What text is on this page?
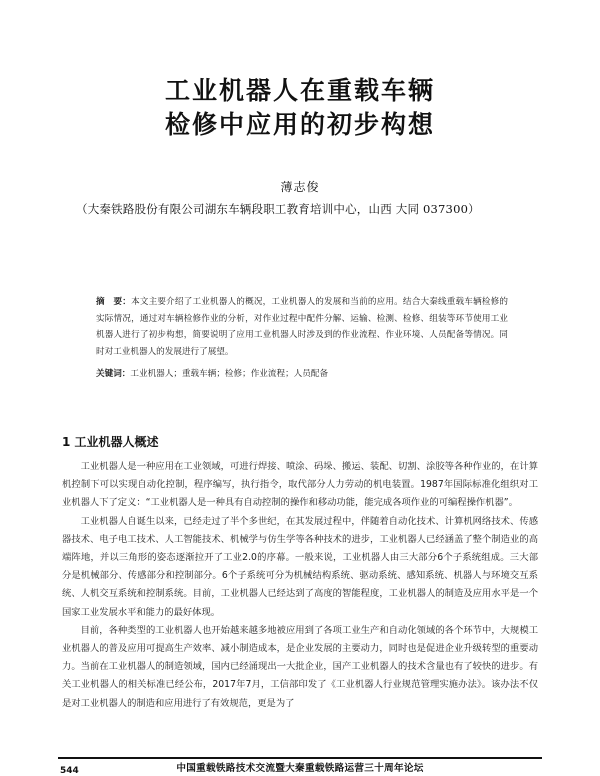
工业机器人在重载车辆
检修中应用的初步构想
薄志俊
（大秦铁路股份有限公司湖东车辆段职工教育培训中心，山西 大同 037300）
摘　要：本文主要介绍了工业机器人的概况，工业机器人的发展和当前的应用。结合大秦线重载车辆检修的实际情况，通过对车辆检修作业的分析，对作业过程中配件分解、运输、检测、检修、组装等环节使用工业机器人进行了初步构想，简要说明了应用工业机器人时涉及到的作业流程、作业环境、人员配备等情况。同时对工业机器人的发展进行了展望。
关键词：工业机器人；重载车辆；检修；作业流程；人员配备
1 工业机器人概述

工业机器人是一种应用在工业领域，可进行焊接、喷涂、码垛、搬运、装配、切割、涂胶等各种作业的，在计算机控制下可以实现自动化控制，程序编写，执行指令，取代部分人力劳动的机电装置。1987年国际标准化组织对工业机器人下了定义：“工业机器人是一种具有自动控制的操作和移动功能，能完成各项作业的可编程操作机器”。

工业机器人自诞生以来，已经走过了半个多世纪，在其发展过程中，伴随着自动化技术、计算机网络技术、传感器技术、电子电工技术、人工智能技术、机械学与仿生学等各种技术的进步，工业机器人已经涵盖了整个制造业的高端阵地，并以三角形的姿态逐渐拉开了工业2.0的序幕。一般来说，工业机器人由三大部分6个子系统组成。三大部分是机械部分、传感部分和控制部分。6个子系统可分为机械结构系统、驱动系统、感知系统、机器人与环境交互系统、人机交互系统和控制系统。目前，工业机器人已经达到了高度的智能程度，工业机器人的制造及应用水平是一个国家工业发展水平和能力的最好体现。

目前，各种类型的工业机器人也开始越来越多地被应用到了各项工业生产和自动化领域的各个环节中，大规模工业机器人的普及应用可提高生产效率、减小制造成本，是企业发展的主要动力，同时也是促进企业升级转型的重要动力。当前在工业机器人的制造领域，国内已经涌现出一大批企业，国产工业机器人的技术含量也有了较快的进步。有关工业机器人的相关标准已经公布，2017年7月，工信部印发了《工业机器人行业规范管理实施办法》。该办法不仅是对工业机器人的制造和应用进行了有效规范，更是为了

中国重载铁路技术交流暨大秦重载铁路运营三十周年论坛
544
